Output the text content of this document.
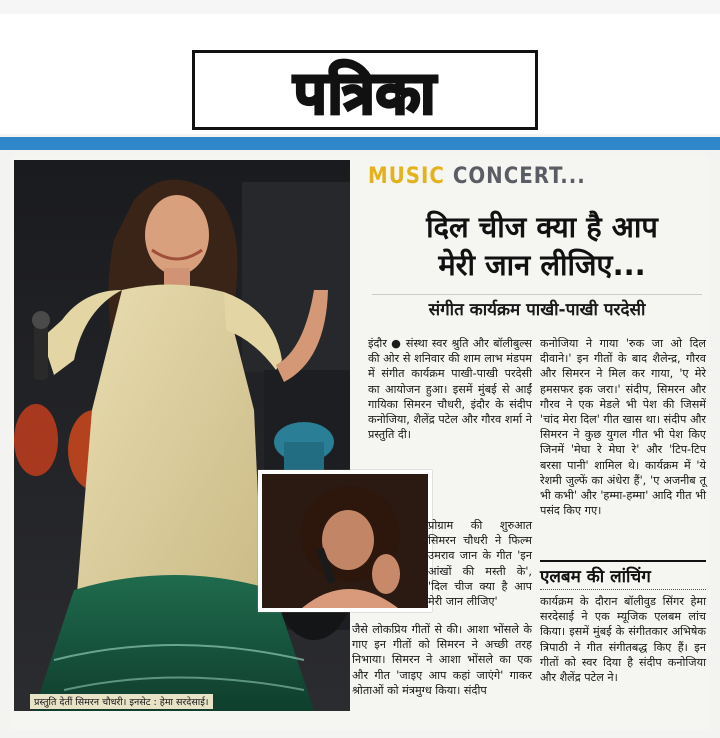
पत्रिका
प्रस्तुति देतीं सिमरन चौधरी। इनसेट : हेमा सरदेसाई।
MUSIC CONCERT...
दिल चीज क्या है आप
मेरी जान लीजिए...
संगीत कार्यक्रम पाखी-पाखी परदेसी

इंदौर ● संस्था स्वर श्रुति और बॉलीबुल्स की ओर से शनिवार की शाम लाभ मंडपम में संगीत कार्यक्रम पाखी-पाखी परदेसी का आयोजन हुआ। इसमें मुंबई से आईं गायिका सिमरन चौधरी, इंदौर के संदीप कनोजिया, शैलेंद्र पटेल और गौरव शर्मा ने प्रस्तुति दी।

प्रोग्राम की शुरुआत सिमरन चौधरी ने फिल्म उमराव जान के गीत 'इन आंखों की मस्ती के', 'दिल चीज क्या है आप मेरी जान लीजिए'

जैसे लोकप्रिय गीतों से की। आशा भोंसले के गाए इन गीतों को सिमरन ने अच्छी तरह निभाया। सिमरन ने आशा भोंसले का एक और गीत 'जाइए आप कहां जाएंगे' गाकर श्रोताओं को मंत्रमुग्ध किया। संदीप

कनोजिया ने गाया 'रुक जा ओ दिल दीवाने।' इन गीतों के बाद शैलेन्द्र, गौरव और सिमरन ने मिल कर गाया, 'ए मेरे हमसफर इक जरा।' संदीप, सिमरन और गौरव ने एक मेडले भी पेश की जिसमें 'चांद मेरा दिल' गीत खास था। संदीप और सिमरन ने कुछ युगल गीत भी पेश किए जिनमें 'मेघा रे मेघा रे' और 'टिप-टिप बरसा पानी' शामिल थे। कार्यक्रम में 'ये रेशमी जुल्फें का अंधेरा हैं', 'ए अजनीब तू भी कभी' और 'हम्मा-हम्मा' आदि गीत भी पसंद किए गए।

एलबम की लांचिंग

कार्यक्रम के दौरान बॉलीवुड सिंगर हेमा सरदेसाई ने एक म्यूजिक एलबम लांच किया। इसमें मुंबई के संगीतकार अभिषेक त्रिपाठी ने गीत संगीतबद्ध किए हैं। इन गीतों को स्वर दिया है संदीप कनोजिया और शैलेंद्र पटेल ने।
